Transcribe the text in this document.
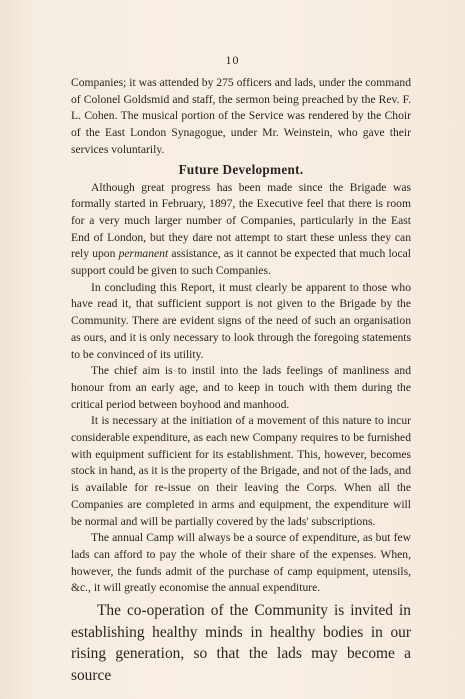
10

Companies; it was attended by 275 officers and lads, under the command of Colonel Goldsmid and staff, the sermon being preached by the Rev. F. L. Cohen. The musical portion of the Service was rendered by the Choir of the East London Synagogue, under Mr. Weinstein, who gave their services voluntarily.

Future Development.

Although great progress has been made since the Brigade was formally started in February, 1897, the Executive feel that there is room for a very much larger number of Companies, particularly in the East End of London, but they dare not attempt to start these unless they can rely upon permanent assistance, as it cannot be expected that much local support could be given to such Companies.

In concluding this Report, it must clearly be apparent to those who have read it, that sufficient support is not given to the Brigade by the Community. There are evident signs of the need of such an organisation as ours, and it is only necessary to look through the foregoing statements to be convinced of its utility.

The chief aim is to instil into the lads feelings of manliness and honour from an early age, and to keep in touch with them during the critical period between boyhood and manhood.

It is necessary at the initiation of a movement of this nature to incur considerable expenditure, as each new Company requires to be furnished with equipment sufficient for its establishment. This, however, becomes stock in hand, as it is the property of the Brigade, and not of the lads, and is available for re-issue on their leaving the Corps. When all the Companies are completed in arms and equipment, the expenditure will be normal and will be partially covered by the lads' subscriptions.

The annual Camp will always be a source of expenditure, as but few lads can afford to pay the whole of their share of the expenses. When, however, the funds admit of the purchase of camp equipment, utensils, &c., it will greatly economise the annual expenditure.

The co-operation of the Community is invited in establishing healthy minds in healthy bodies in our rising generation, so that the lads may become a source
